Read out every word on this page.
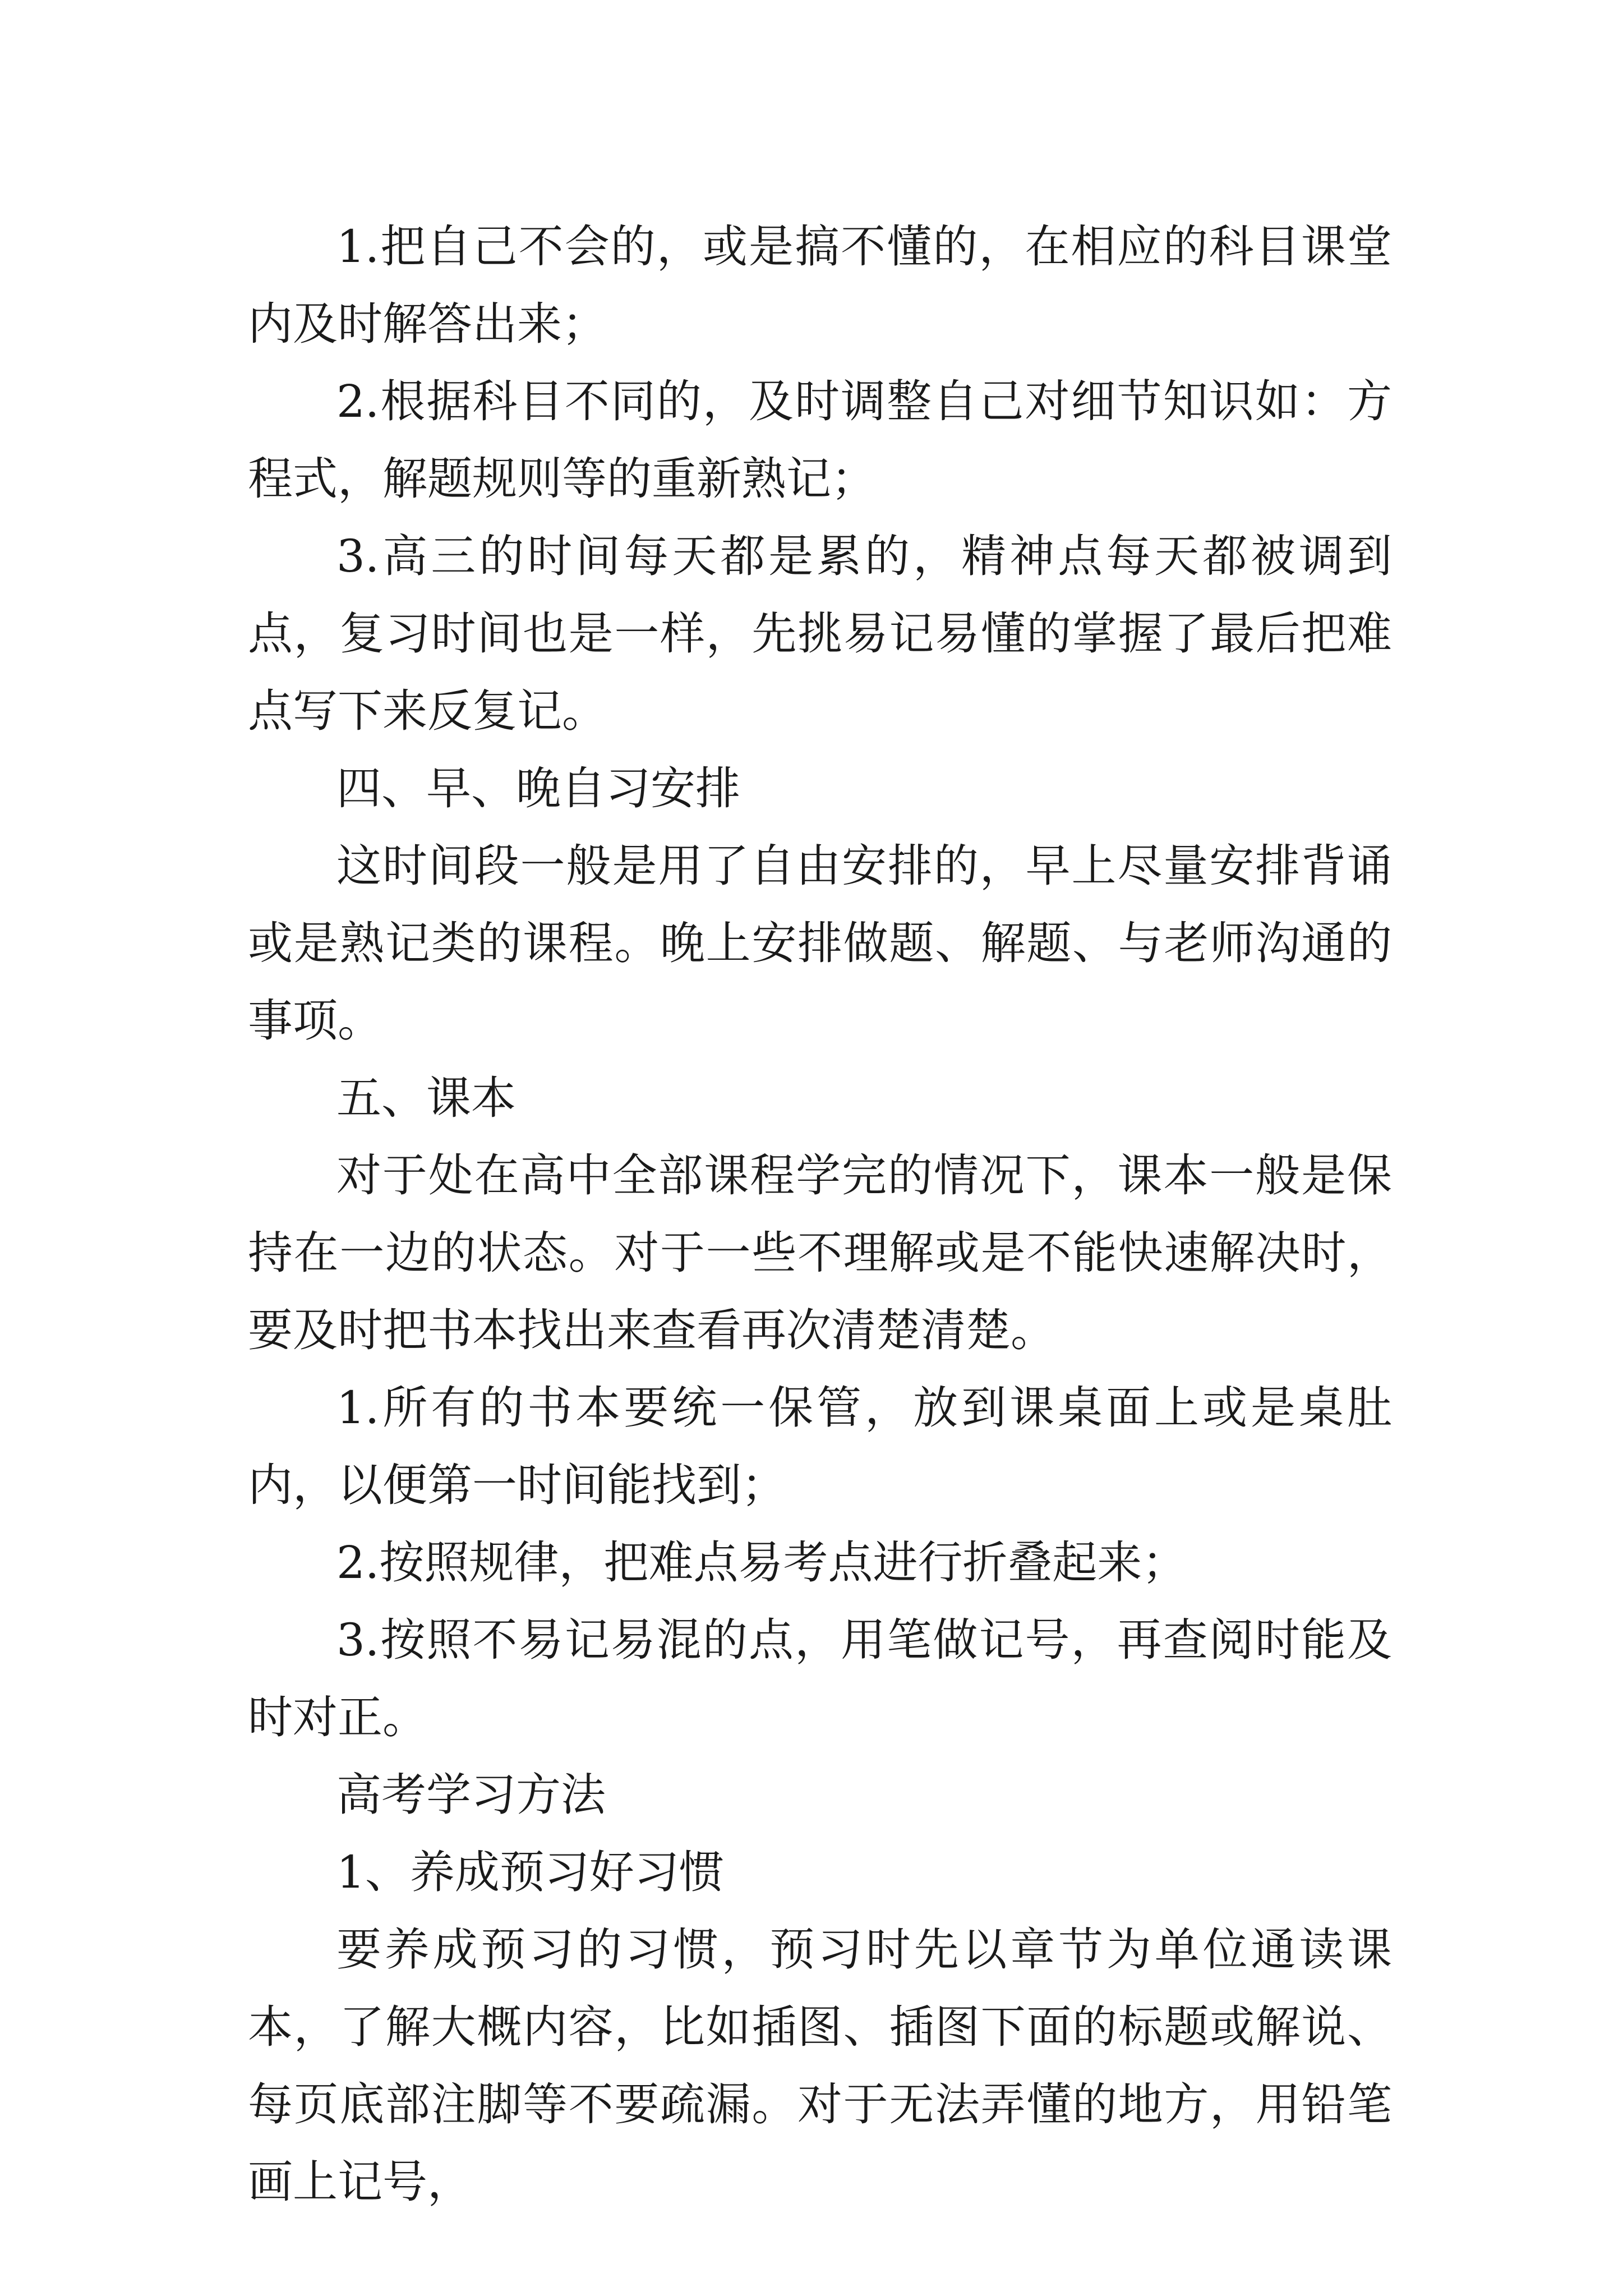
1.把自己不会的，或是搞不懂的，在相应的科目课堂内及时解答出来；

2.根据科目不同的，及时调整自己对细节知识如：方程式，解题规则等的重新熟记；

3.高三的时间每天都是累的，精神点每天都被调到点，复习时间也是一样，先挑易记易懂的掌握了最后把难点写下来反复记。

四、早、晚自习安排

这时间段一般是用了自由安排的，早上尽量安排背诵或是熟记类的课程。晚上安排做题、解题、与老师沟通的事项。

五、课本

对于处在高中全部课程学完的情况下，课本一般是保持在一边的状态。对于一些不理解或是不能快速解决时，要及时把书本找出来查看再次清楚清楚。

1.所有的书本要统一保管，放到课桌面上或是桌肚内，以便第一时间能找到；

2.按照规律，把难点易考点进行折叠起来；

3.按照不易记易混的点，用笔做记号，再查阅时能及时对正。

高考学习方法

1、养成预习好习惯

要养成预习的习惯，预习时先以章节为单位通读课本，了解大概内容，比如插图、插图下面的标题或解说、每页底部注脚等不要疏漏。对于无法弄懂的地方，用铅笔画上记号，
